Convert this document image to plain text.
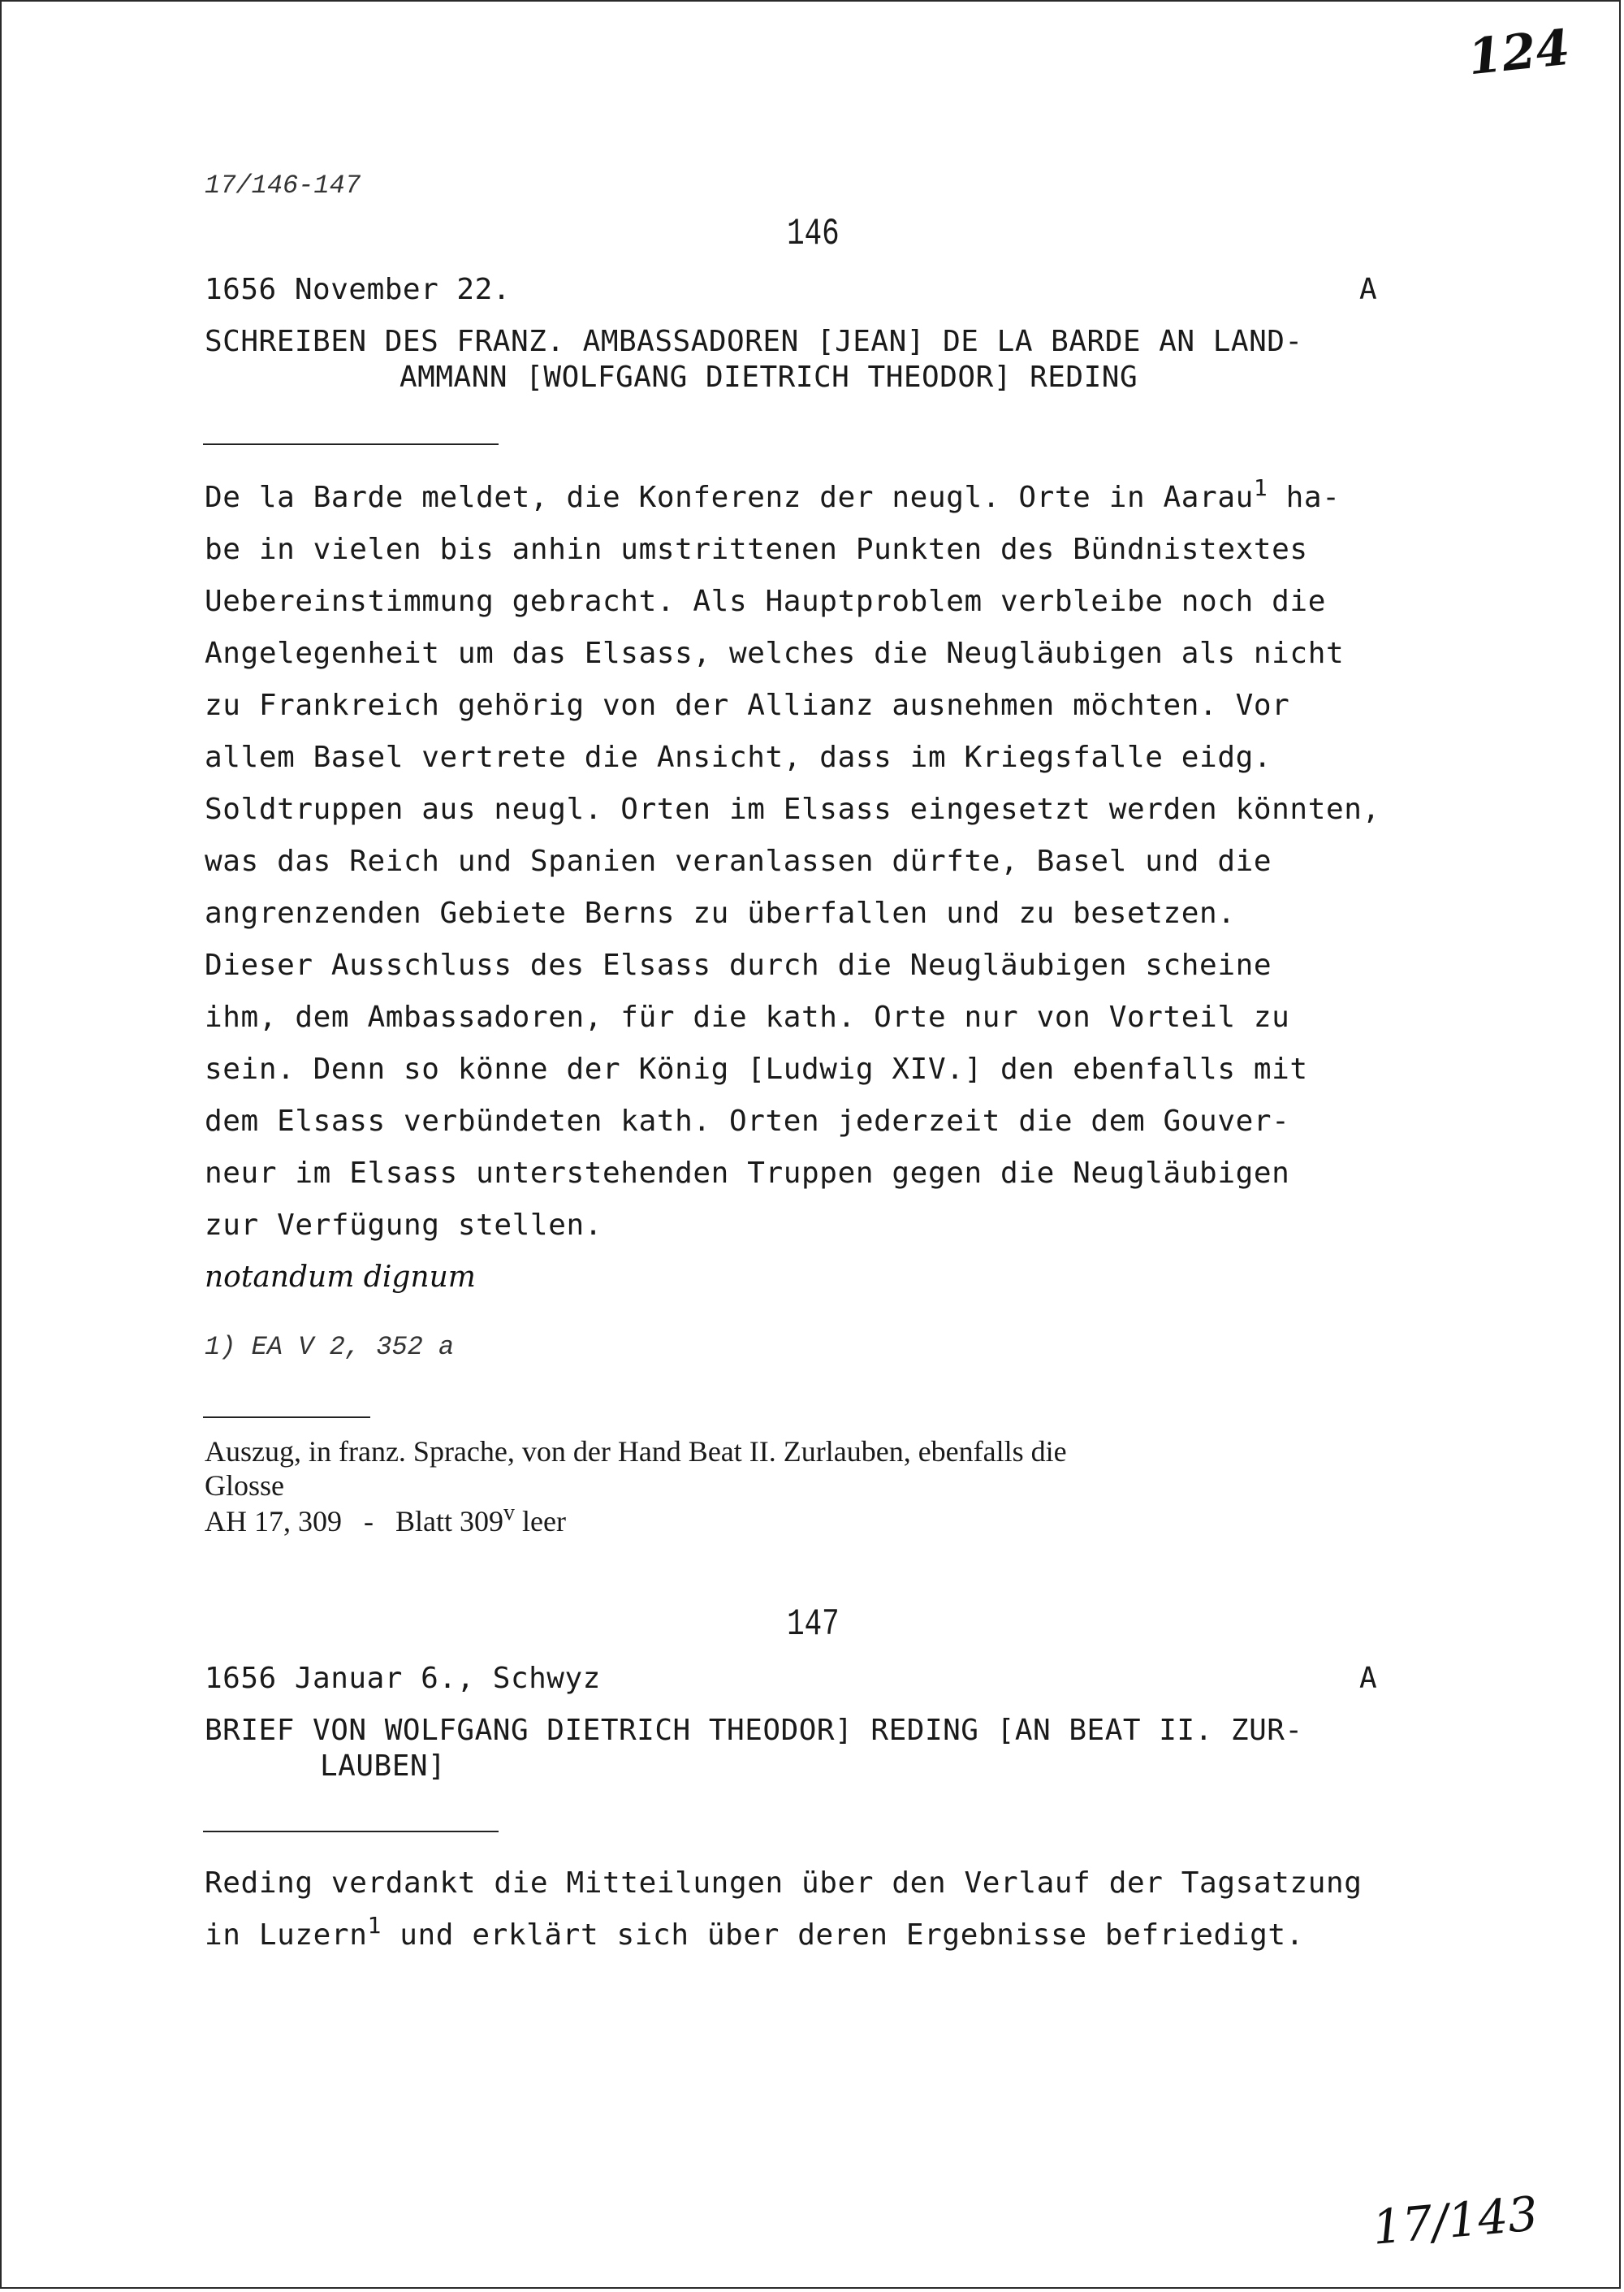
124
17/146-147
146
1656 November 22.	A
SCHREIBEN DES FRANZ. AMBASSADOREN [JEAN] DE LA BARDE AN LAND-
AMMANN [WOLFGANG DIETRICH THEODOR] REDING
De la Barde meldet, die Konferenz der neugl. Orte in Aarau$^1$ ha-
be in vielen bis anhin umstrittenen Punkten des Bündnistextes
Uebereinstimmung gebracht. Als Hauptproblem verbleibe noch die
Angelegenheit um das Elsass, welches die Neugläubigen als nicht
zu Frankreich gehörig von der Allianz ausnehmen möchten. Vor
allem Basel vertrete die Ansicht, dass im Kriegsfalle eidg.
Soldtruppen aus neugl. Orten im Elsass eingesetzt werden könnten,
was das Reich und Spanien veranlassen dürfte, Basel und die
angrenzenden Gebiete Berns zu überfallen und zu besetzen.
Dieser Ausschluss des Elsass durch die Neugläubigen scheine
ihm, dem Ambassadoren, für die kath. Orte nur von Vorteil zu
sein. Denn so könne der König [Ludwig XIV.] den ebenfalls mit
dem Elsass verbündeten kath. Orten jederzeit die dem Gouver-
neur im Elsass unterstehenden Truppen gegen die Neugläubigen
zur Verfügung stellen.
notandum dignum
1) EA V 2, 352 a
Auszug, in franz. Sprache, von der Hand Beat II. Zurlauben, ebenfalls die
Glosse
AH 17, 309 - Blatt 309$^v$ leer
147
1656 Januar 6., Schwyz	A
BRIEF VON WOLFGANG DIETRICH THEODOR] REDING [AN BEAT II. ZUR-
LAUBEN]
Reding verdankt die Mitteilungen über den Verlauf der Tagsatzung
in Luzern$^1$ und erklärt sich über deren Ergebnisse befriedigt.
17/143
